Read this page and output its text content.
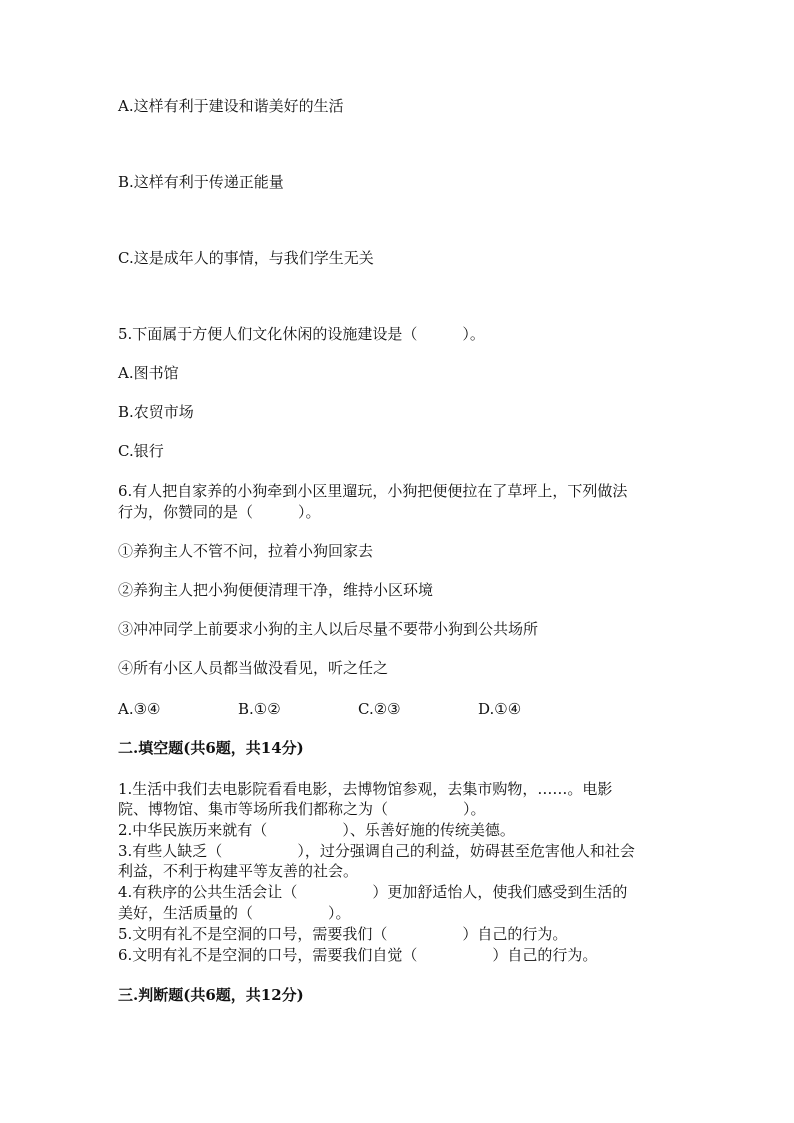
A.这样有利于建设和谐美好的生活
B.这样有利于传递正能量
C.这是成年人的事情，与我们学生无关
5.下面属于方便人们文化休闲的设施建设是（　　　）。
A.图书馆
B.农贸市场
C.银行
6.有人把自家养的小狗牵到小区里遛玩，小狗把便便拉在了草坪上，下列做法
行为，你赞同的是（　　　）。
①养狗主人不管不问，拉着小狗回家去
②养狗主人把小狗便便清理干净，维持小区环境
③冲冲同学上前要求小狗的主人以后尽量不要带小狗到公共场所
④所有小区人员都当做没看见，听之任之
A.③④	B.①②	C.②③	D.①④
二.填空题(共6题，共14分)
1.生活中我们去电影院看看电影，去博物馆参观，去集市购物，……。电影
院、博物馆、集市等场所我们都称之为（　　　　　）。
2.中华民族历来就有（　　　　　）、乐善好施的传统美德。
3.有些人缺乏（　　　　　），过分强调自己的利益，妨碍甚至危害他人和社会
利益，不利于构建平等友善的社会。
4.有秩序的公共生活会让（　　　　　）更加舒适怡人，使我们感受到生活的
美好，生活质量的（　　　　　）。
5.文明有礼不是空洞的口号，需要我们（　　　　　）自己的行为。
6.文明有礼不是空洞的口号，需要我们自觉（　　　　　）自己的行为。
三.判断题(共6题，共12分)
